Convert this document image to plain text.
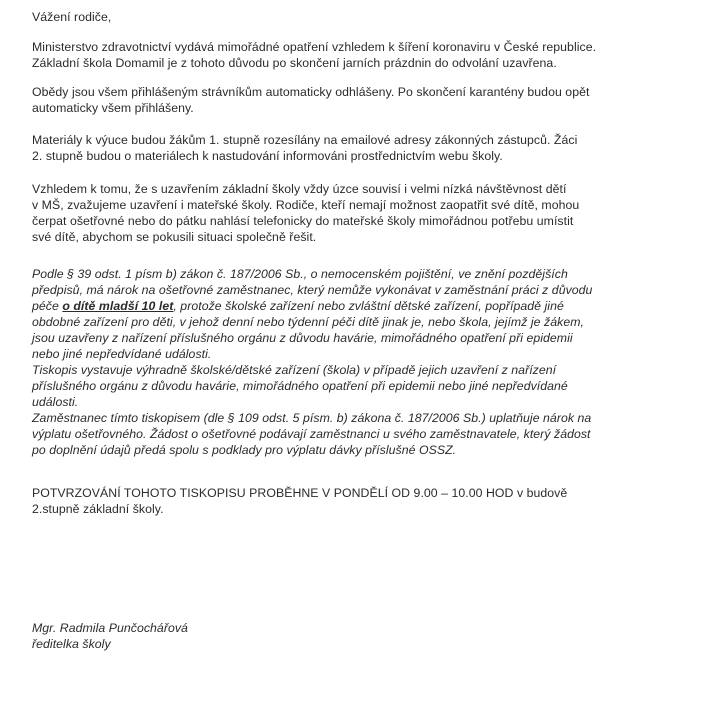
Vážení rodiče,

Ministerstvo zdravotnictví vydává mimořádné opatření vzhledem k šíření koronaviru v České republice.
Základní škola Domamil je z tohoto důvodu po skončení jarních prázdnin do odvolání uzavřena.

Obědy jsou všem přihlášeným strávníkům automaticky odhlášeny. Po skončení karantény budou opět
automaticky všem přihlášeny.

Materiály k výuce budou žákům 1. stupně rozesílány na emailové adresy zákonných zástupců. Žáci
2. stupně budou o materiálech k nastudování informováni prostřednictvím webu školy.

Vzhledem k tomu, že s uzavřením základní školy vždy úzce souvisí i velmi nízká návštěvnost dětí
v MŠ, zvažujeme uzavření i mateřské školy. Rodiče, kteří nemají možnost zaopatřit své dítě, mohou
čerpat ošetřovné nebo do pátku nahlásí telefonicky do mateřské školy mimořádnou potřebu umístit
své dítě, abychom se pokusili situaci společně řešit.

Podle § 39 odst. 1 písm b) zákon č. 187/2006 Sb., o nemocenském pojištění, ve znění pozdějších
předpisů, má nárok na ošetřovné zaměstnanec, který nemůže vykonávat v zaměstnání práci z důvodu
péče o dítě mladší 10 let, protože školské zařízení nebo zvláštní dětské zařízení, popřípadě jiné
obdobné zařízení pro děti, v jehož denní nebo týdenní péči dítě jinak je, nebo škola, jejímž je žákem,
jsou uzavřeny z nařízení příslušného orgánu z důvodu havárie, mimořádného opatření při epidemii
nebo jiné nepředvídané události.
Tiskopis vystavuje výhradně školské/dětské zařízení (škola) v případě jejich uzavření z nařízení
příslušného orgánu z důvodu havárie, mimořádného opatření při epidemii nebo jiné nepředvídané
události.
Zaměstnanec tímto tiskopisem (dle § 109 odst. 5 písm. b) zákona č. 187/2006 Sb.) uplatňuje nárok na
výplatu ošetřovného. Žádost o ošetřovné podávají zaměstnanci u svého zaměstnavatele, který žádost
po doplnění údajů předá spolu s podklady pro výplatu dávky příslušné OSSZ.

POTVRZOVÁNÍ TOHOTO TISKOPISU PROBĚHNE V PONDĚLÍ OD 9.00 – 10.00 HOD v budově
2.stupně základní školy.

Mgr. Radmila Punčochářová
ředitelka školy
